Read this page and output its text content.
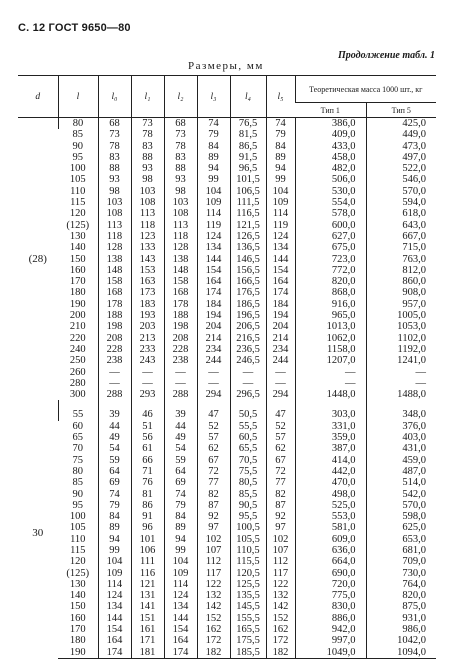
С. 12 ГОСТ 9650—80
Продолжение табл. 1
Размеры, мм
d	l	l₀	l₁	l₂	l₃	l₄	l₅	Теоретическая масса 1000 шт., кг	
								Тип 1	Тип 5
(28)	80	68	73	68	74	76,5	74	386,0	425,0
	85	73	78	73	79	81,5	79	409,0	449,0
	90	78	83	78	84	86,5	84	433,0	473,0
	95	83	88	83	89	91,5	89	458,0	497,0
	100	88	93	88	94	96,5	94	482,0	522,0
	105	93	98	93	99	101,5	99	506,0	546,0
	110	98	103	98	104	106,5	104	530,0	570,0
	115	103	108	103	109	111,5	109	554,0	594,0
	120	108	113	108	114	116,5	114	578,0	618,0
	(125)	113	118	113	119	121,5	119	600,0	643,0
	130	118	123	118	124	126,5	124	627,0	667,0
	140	128	133	128	134	136,5	134	675,0	715,0
	150	138	143	138	144	146,5	144	723,0	763,0
	160	148	153	148	154	156,5	154	772,0	812,0
	170	158	163	158	164	166,5	164	820,0	860,0
	180	168	173	168	174	176,5	174	868,0	908,0
	190	178	183	178	184	186,5	184	916,0	957,0
	200	188	193	188	194	196,5	194	965,0	1005,0
	210	198	203	198	204	206,5	204	1013,0	1053,0
	220	208	213	208	214	216,5	214	1062,0	1102,0
	240	228	233	228	234	236,5	234	1158,0	1192,0
	250	238	243	238	244	246,5	244	1207,0	1241,0
	260	—	—	—	—	—	—	—	—
	280	—	—	—	—	—	—	—	—
	300	288	293	288	294	296,5	294	1448,0	1488,0

30	55	39	46	39	47	50,5	47	303,0	348,0
	60	44	51	44	52	55,5	52	331,0	376,0
	65	49	56	49	57	60,5	57	359,0	403,0
	70	54	61	54	62	65,5	62	387,0	431,0
	75	59	66	59	67	70,5	67	414,0	459,0
	80	64	71	64	72	75,5	72	442,0	487,0
	85	69	76	69	77	80,5	77	470,0	514,0
	90	74	81	74	82	85,5	82	498,0	542,0
	95	79	86	79	87	90,5	87	525,0	570,0
	100	84	91	84	92	95,5	92	553,0	598,0
	105	89	96	89	97	100,5	97	581,0	625,0
	110	94	101	94	102	105,5	102	609,0	653,0
	115	99	106	99	107	110,5	107	636,0	681,0
	120	104	111	104	112	115,5	112	664,0	709,0
	(125)	109	116	109	117	120,5	117	690,0	730,0
	130	114	121	114	122	125,5	122	720,0	764,0
	140	124	131	124	132	135,5	132	775,0	820,0
	150	134	141	134	142	145,5	142	830,0	875,0
	160	144	151	144	152	155,5	152	886,0	931,0
	170	154	161	154	162	165,5	162	942,0	986,0
	180	164	171	164	172	175,5	172	997,0	1042,0
	190	174	181	174	182	185,5	182	1049,0	1094,0
